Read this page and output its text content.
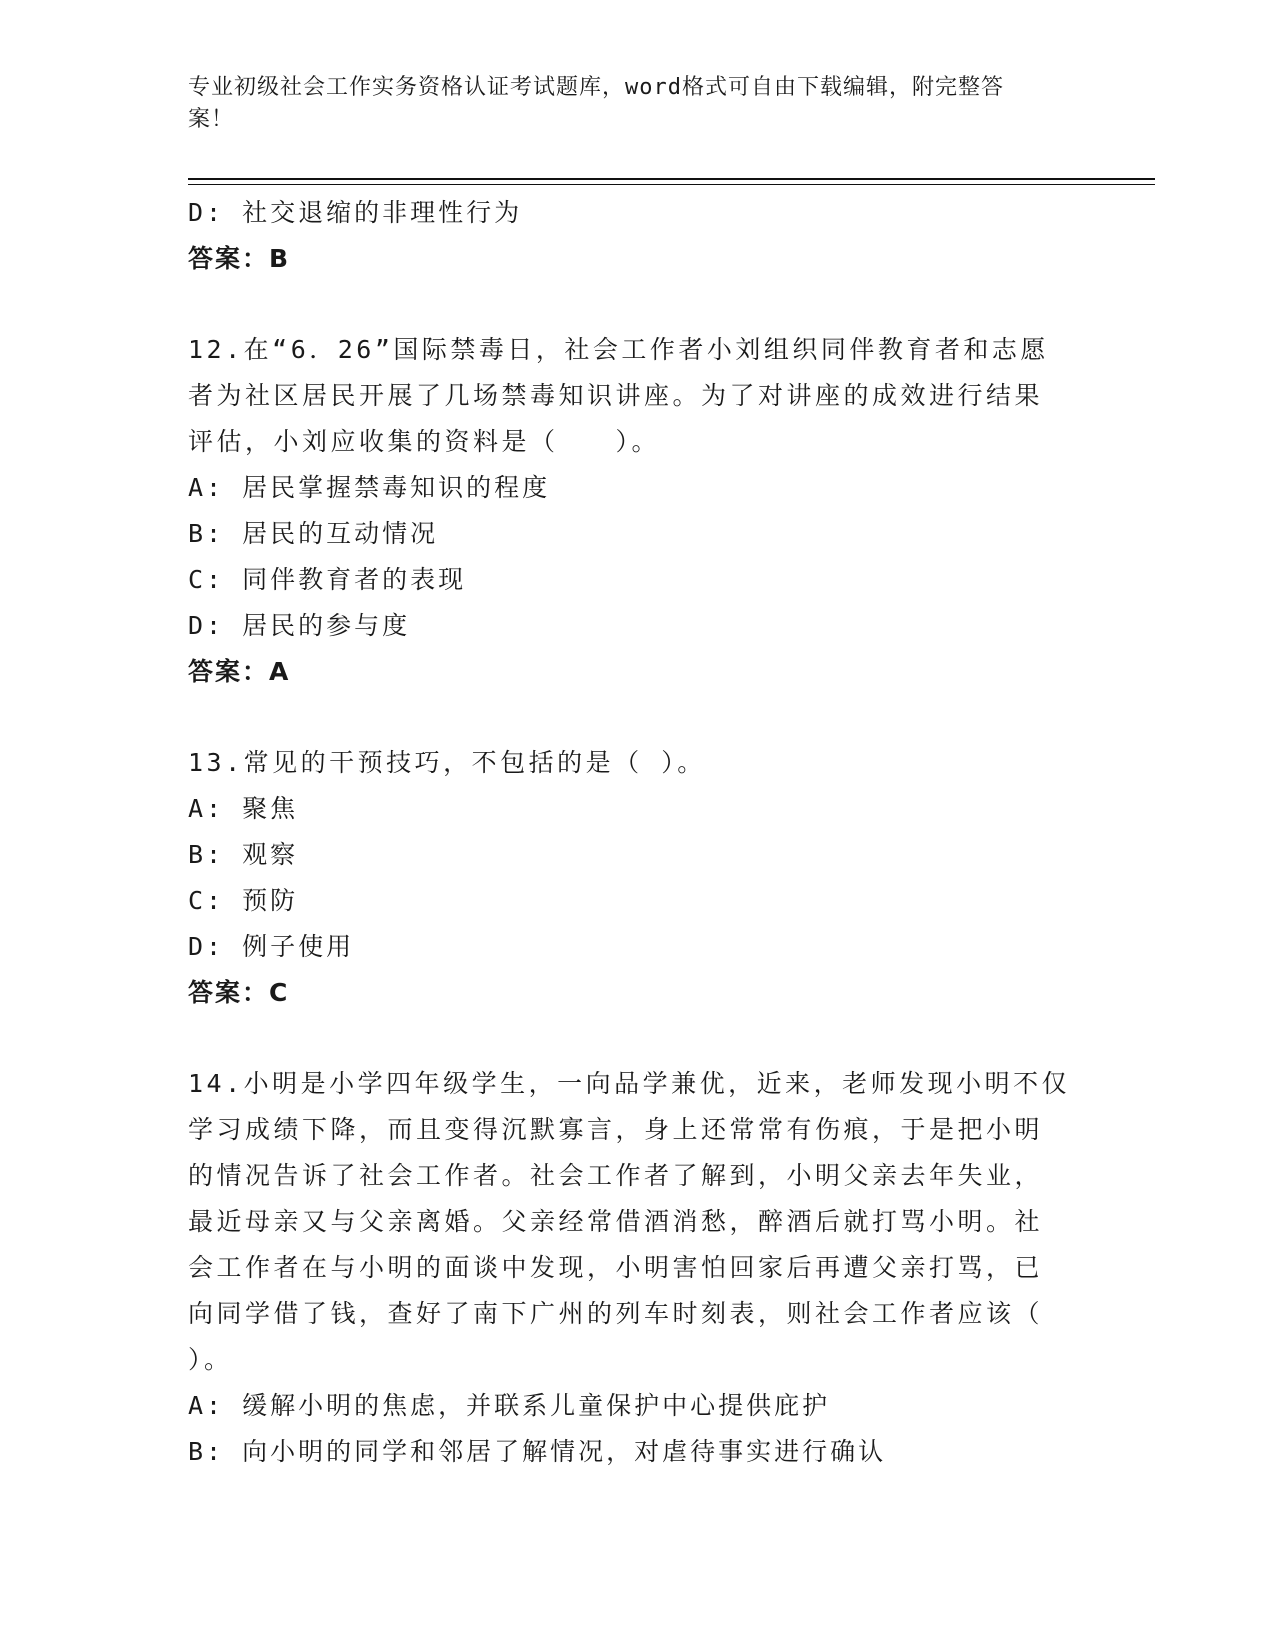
专业初级社会工作实务资格认证考试题库，word格式可自由下载编辑，附完整答
案！
D: 社交退缩的非理性行为
答案：B
12.在“6．26”国际禁毒日，社会工作者小刘组织同伴教育者和志愿
者为社区居民开展了几场禁毒知识讲座。为了对讲座的成效进行结果
评估，小刘应收集的资料是（　　）。
A: 居民掌握禁毒知识的程度
B: 居民的互动情况
C: 同伴教育者的表现
D: 居民的参与度
答案：A
13.常见的干预技巧，不包括的是（ ）。
A: 聚焦
B: 观察
C: 预防
D: 例子使用
答案：C
14.小明是小学四年级学生，一向品学兼优，近来，老师发现小明不仅
学习成绩下降，而且变得沉默寡言，身上还常常有伤痕，于是把小明
的情况告诉了社会工作者。社会工作者了解到，小明父亲去年失业，
最近母亲又与父亲离婚。父亲经常借酒消愁，醉酒后就打骂小明。社
会工作者在与小明的面谈中发现，小明害怕回家后再遭父亲打骂，已
向同学借了钱，查好了南下广州的列车时刻表，则社会工作者应该（
）。
A: 缓解小明的焦虑，并联系儿童保护中心提供庇护
B: 向小明的同学和邻居了解情况，对虐待事实进行确认
